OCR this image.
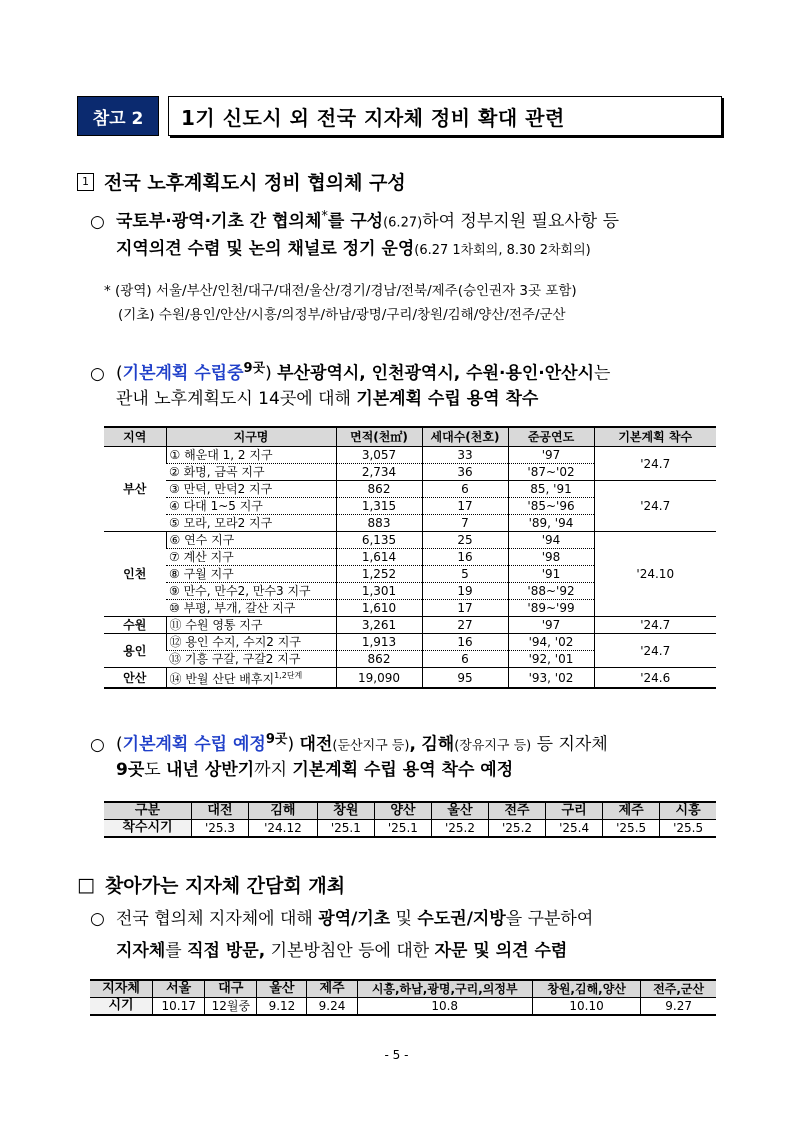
참고 2	1기 신도시 외 전국 지자체 정비 확대 관련
1 전국 노후계획도시 정비 협의체 구성
○ 국토부·광역·기초 간 협의체*를 구성(6.27)하여 정부지원 필요사항 등
지역의견 수렴 및 논의 채널로 정기 운영(6.27 1차회의, 8.30 2차회의)
* (광역) 서울/부산/인천/대구/대전/울산/경기/경남/전북/제주(승인권자 3곳 포함)
(기초) 수원/용인/안산/시흥/의정부/하남/광명/구리/창원/김해/양산/전주/군산
○ (기본계획 수립중$^{9곳}$) 부산광역시, 인천광역시, 수원·용인·안산시는
관내 노후계획도시 14곳에 대해 기본계획 수립 용역 착수
지역	지구명	면적(천㎡)	세대수(천호)	준공연도	기본계획 착수
부산	① 해운대 1, 2 지구	3,057	33	'97	'24.7
	② 화명, 금곡 지구	2,734	36	'87~'02	
	③ 만덕, 만덕2 지구	862	6	85, '91	'24.7
	④ 다대 1~5 지구	1,315	17	'85~'96	
	⑤ 모라, 모라2 지구	883	7	'89, '94	
인천	⑥ 연수 지구	6,135	25	'94	'24.10
	⑦ 계산 지구	1,614	16	'98	
	⑧ 구월 지구	1,252	5	'91	
	⑨ 만수, 만수2, 만수3 지구	1,301	19	'88~'92	
	⑩ 부평, 부개, 갈산 지구	1,610	17	'89~'99	
수원	⑪ 수원 영통 지구	3,261	27	'97	'24.7
용인	⑫ 용인 수지, 수지2 지구	1,913	16	'94, '02	'24.7
	⑬ 기흥 구갈, 구갈2 지구	862	6	'92, '01	
안산	⑭ 반월 산단 배후지$^{1,2단계}$	19,090	95	'93, '02	'24.6
○ (기본계획 수립 예정$^{9곳}$) 대전(둔산지구 등), 김해(장유지구 등) 등 지자체
9곳도 내년 상반기까지 기본계획 수립 용역 착수 예정
구분	대전	김해	창원	양산	울산	전주	구리	제주	시흥
착수시기	'25.3	'24.12	'25.1	'25.1	'25.2	'25.2	'25.4	'25.5	'25.5
□ 찾아가는 지자체 간담회 개최
○ 전국 협의체 지자체에 대해 광역/기초 및 수도권/지방을 구분하여
지자체를 직접 방문, 기본방침안 등에 대한 자문 및 의견 수렴
지자체	서울	대구	울산	제주	시흥,하남,광명,구리,의정부	창원,김해,양산	전주,군산
시기	10.17	12월중	9.12	9.24	10.8	10.10	9.27
- 5 -
